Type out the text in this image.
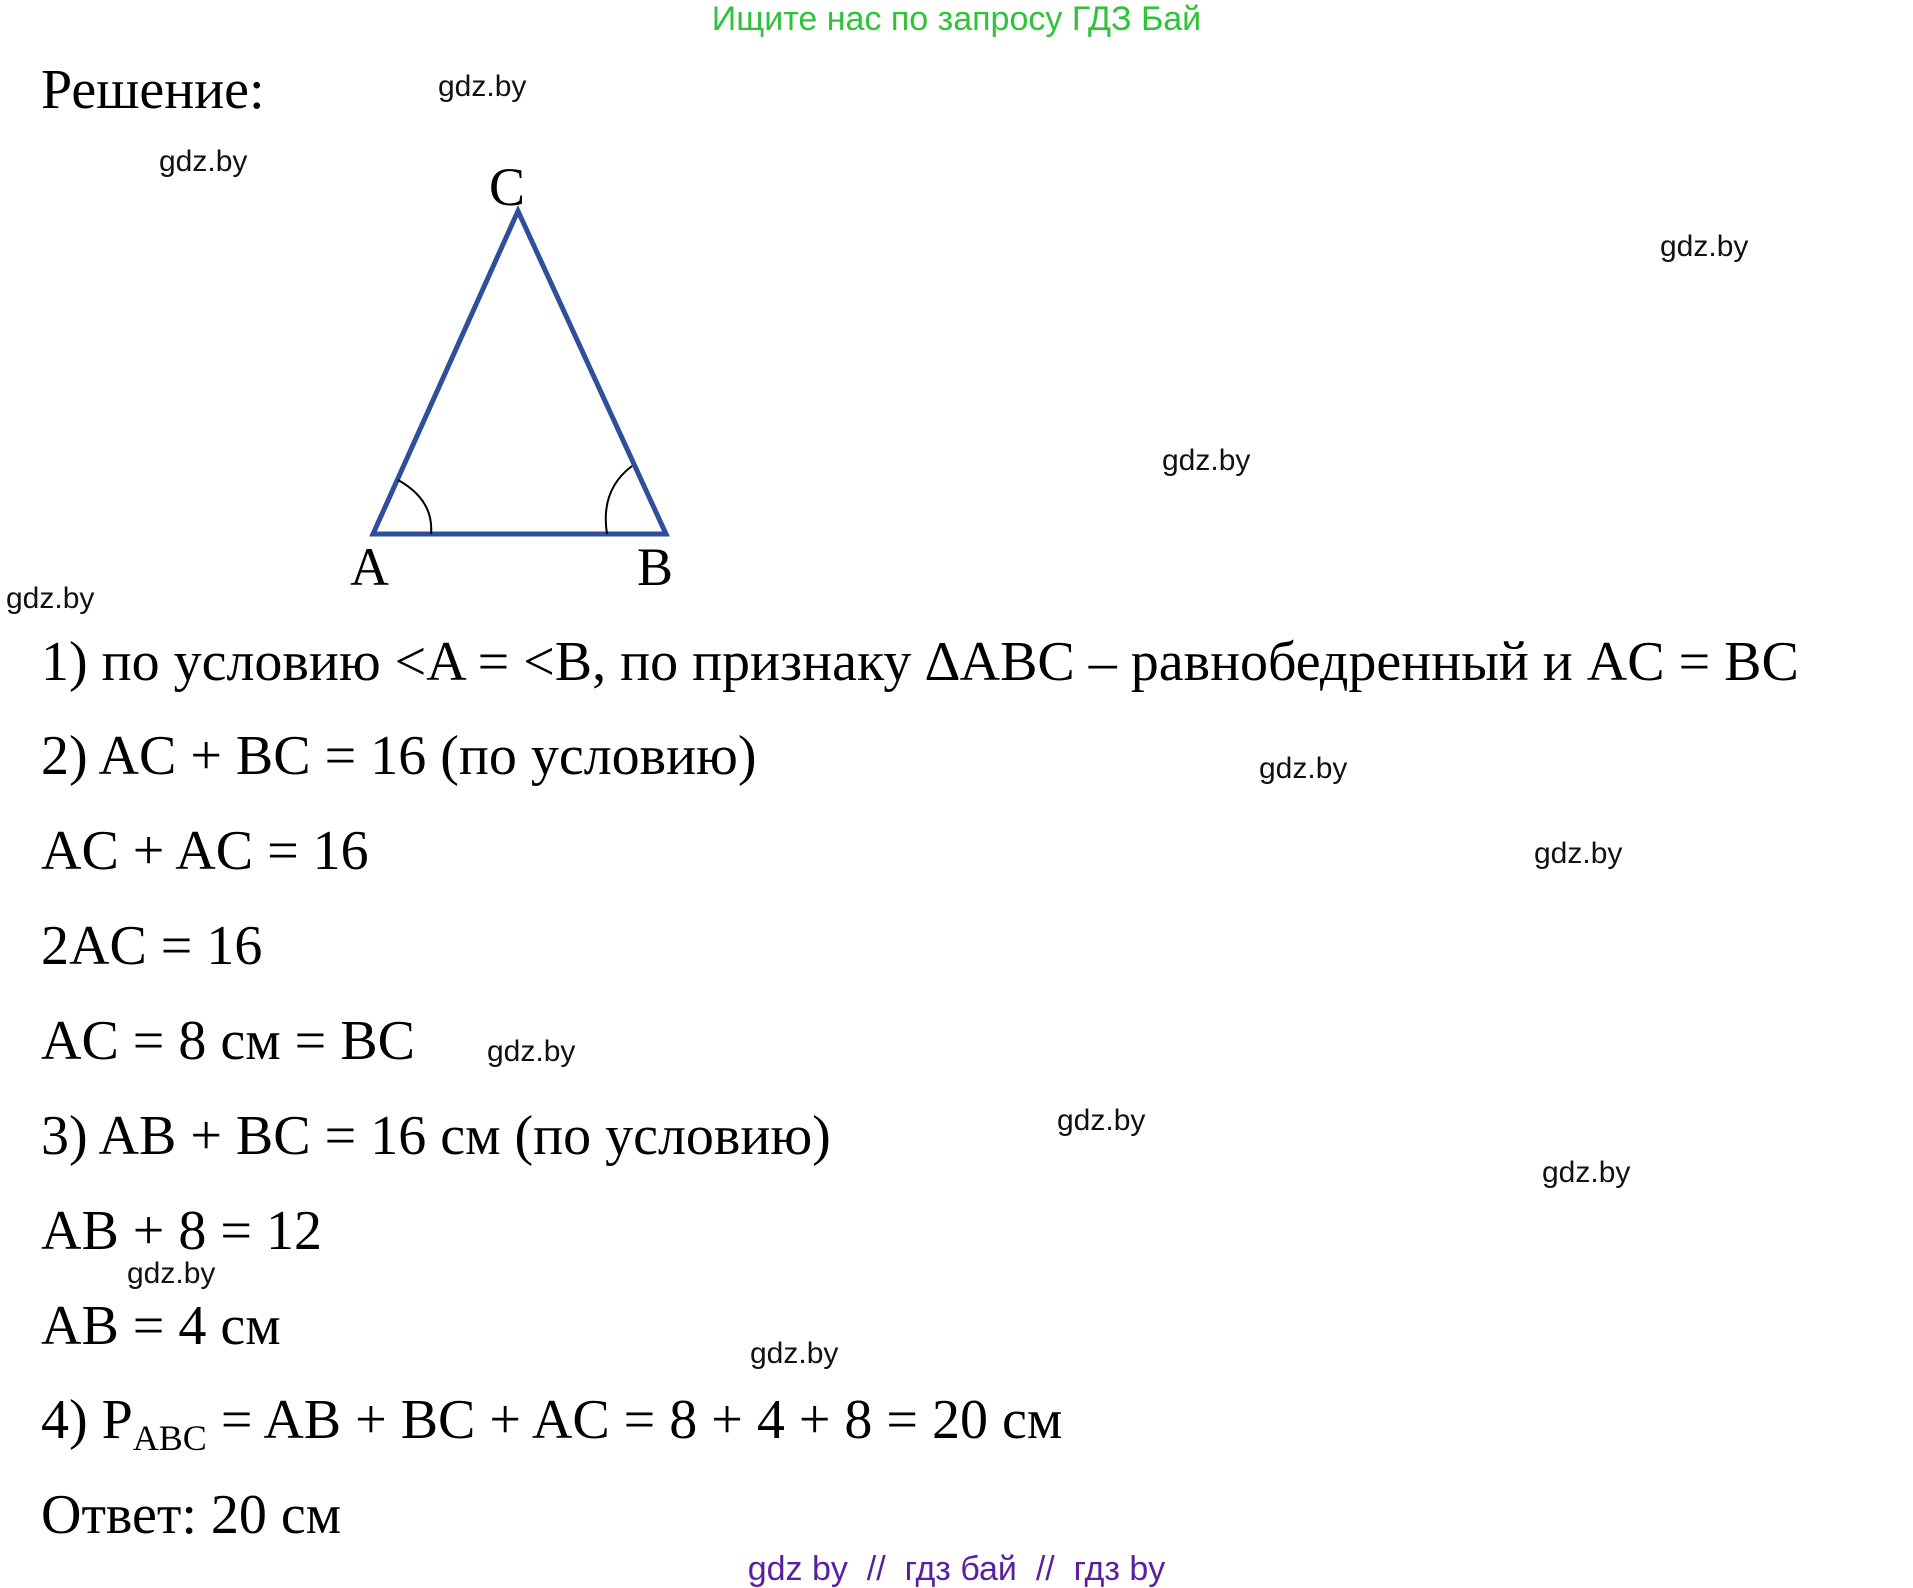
Ищите нас по запросу ГДЗ Бай
Решение:	gdz.by
gdz.by
gdz.by
gdz.by
gdz.by
gdz.by
gdz.by
gdz.by
gdz.by
gdz.by
gdz.by
gdz.by
C
A	B
1) по условию <A = <B, по признаку ∆ABC – равнобедренный и AC = BC
2) AC + BC = 16 (по условию)
AC + AC = 16
2AC = 16
AC = 8 см = BC
3) AB + BC = 16 см (по условию)
AB + 8 = 12
AB = 4 см
4) $P_{ABC}$ = AB + BC + AC = 8 + 4 + 8 = 20 см
Ответ: 20 см
gdz by  //  гдз бай  //  гдз by
